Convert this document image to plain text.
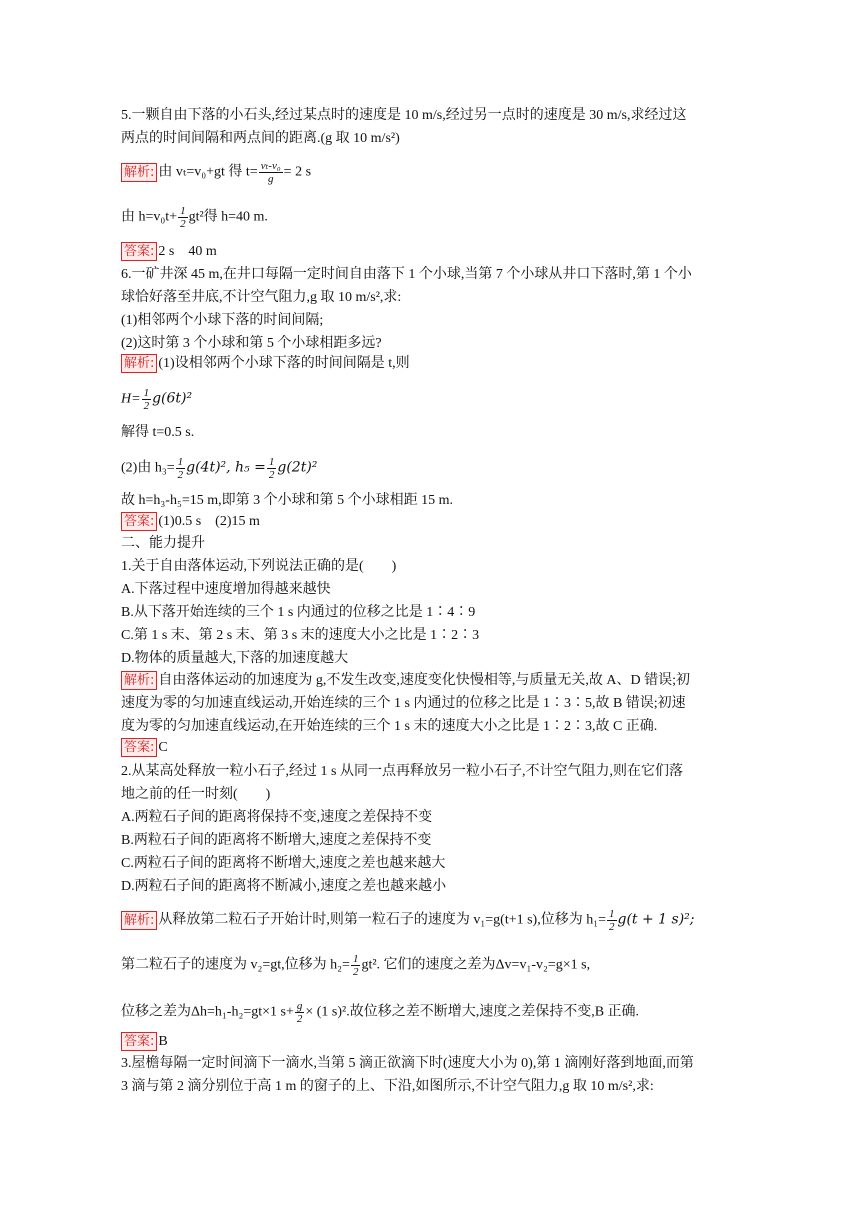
5.一颗自由下落的小石头,经过某点时的速度是 10 m/s,经过另一点时的速度是 30 m/s,求经过这
两点的时间间隔和两点间的距离.(g 取 10 m/s²)
解析: 由 vₜ=v₀+gt 得 $t= \frac{\text{vₜ-v₀}}{g} = 2$ s
由 $h=v_0t+ \frac{1}{2} gt^2$得 h=40 m.
答案: 2 s　40 m
6.一矿井深 45 m,在井口每隔一定时间自由落下 1 个小球,当第 7 个小球从井口下落时,第 1 个小
球恰好落至井底,不计空气阻力,g 取 10 m/s²,求:
(1)相邻两个小球下落的时间间隔;
(2)这时第 3 个小球和第 5 个小球相距多远?
解析: (1)设相邻两个小球下落的时间间隔是 t,则
$H= \frac{1}{2} g(6t)^2$
解得 t=0.5 s.
(2)由 $h_3= \frac{1}{2} g(4t)^2$, $h_5 = \frac{1}{2} g(2t)^2$
故 h=h₃-h₅=15 m,即第 3 个小球和第 5 个小球相距 15 m.
答案: (1)0.5 s　(2)15 m
二、能力提升
1.关于自由落体运动,下列说法正确的是(　　)
A.下落过程中速度增加得越来越快
B.从下落开始连续的三个 1 s 内通过的位移之比是 1∶4∶9
C.第 1 s 末、第 2 s 末、第 3 s 末的速度大小之比是 1∶2∶3
D.物体的质量越大,下落的加速度越大
解析: 自由落体运动的加速度为 g,不发生改变,速度变化快慢相等,与质量无关,故 A、D 错误;初
速度为零的匀加速直线运动,开始连续的三个 1 s 内通过的位移之比是 1∶3∶5,故 B 错误;初速
度为零的匀加速直线运动,在开始连续的三个 1 s 末的速度大小之比是 1∶2∶3,故 C 正确.
答案: C
2.从某高处释放一粒小石子,经过 1 s 从同一点再释放另一粒小石子,不计空气阻力,则在它们落
地之前的任一时刻(　　)
A.两粒石子间的距离将保持不变,速度之差保持不变
B.两粒石子间的距离将不断增大,速度之差保持不变
C.两粒石子间的距离将不断增大,速度之差也越来越大
D.两粒石子间的距离将不断减小,速度之差也越来越小
解析: 从释放第二粒石子开始计时,则第一粒石子的速度为 v₁=g(t+1 s),位移为 $h_1= \frac{1}{2} g(t + 1$ s)²;
第二粒石子的速度为 v₂=gt,位移为 $h_2= \frac{1}{2} gt^2$. 它们的速度之差为Δv=v₁-v₂=g×1 s,
位移之差为Δh=h₁-h₂=gt×1 $s+ \frac{g}{2} \times (1$ s)².故位移之差不断增大,速度之差保持不变,B 正确.
答案: B
3.屋檐每隔一定时间滴下一滴水,当第 5 滴正欲滴下时(速度大小为 0),第 1 滴刚好落到地面,而第
3 滴与第 2 滴分别位于高 1 m 的窗子的上、下沿,如图所示,不计空气阻力,g 取 10 m/s²,求:
